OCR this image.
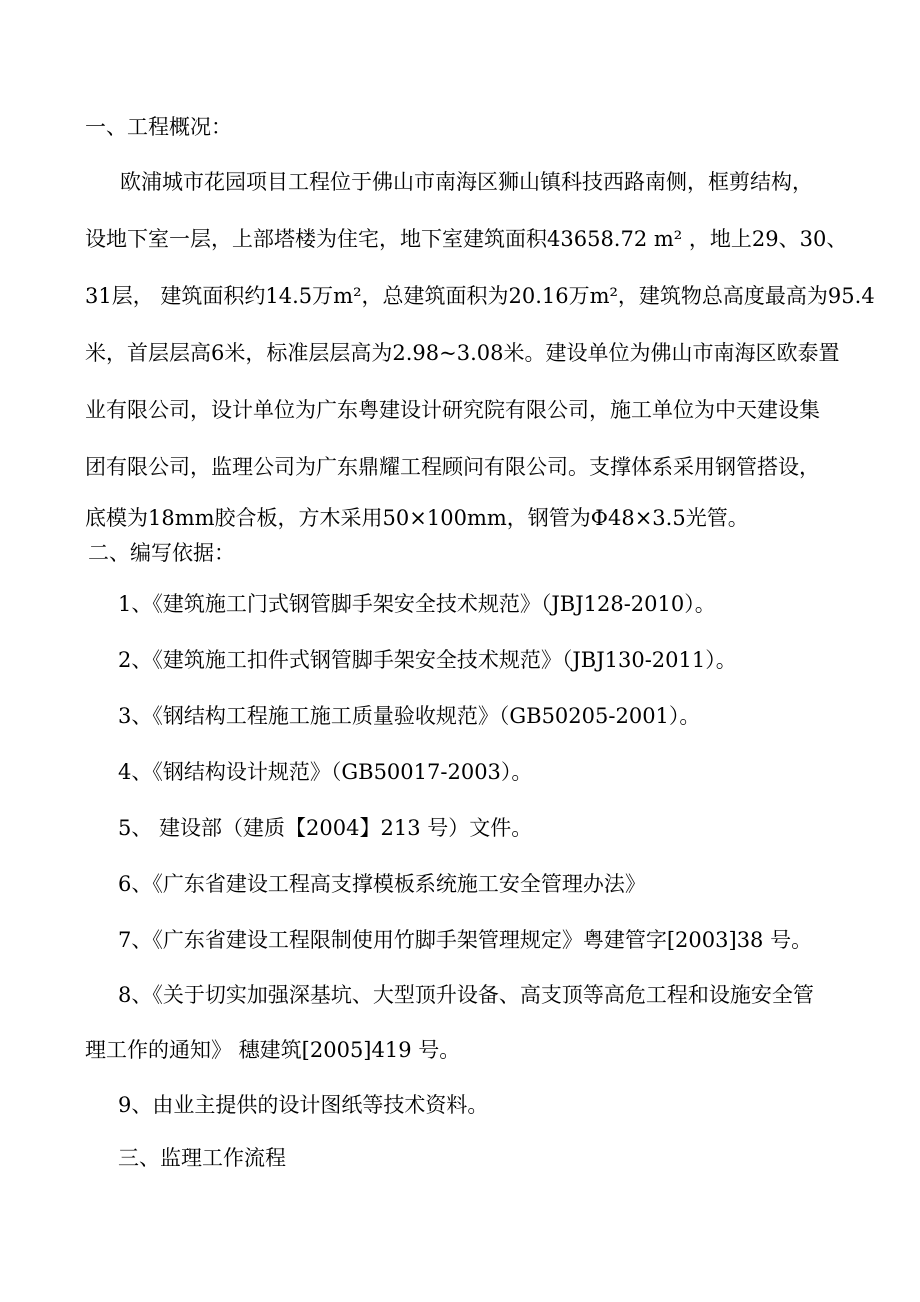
一、工程概况：
欧浦城市花园项目工程位于佛山市南海区狮山镇科技西路南侧，框剪结构，
设地下室一层，上部塔楼为住宅，地下室建筑面积43658.72 m² ，地上29、30、
31层， 建筑面积约14.5万m²，总建筑面积为20.16万m²，建筑物总高度最高为95.4
米，首层层高6米，标准层层高为2.98~3.08米。建设单位为佛山市南海区欧泰置
业有限公司，设计单位为广东粤建设计研究院有限公司，施工单位为中天建设集
团有限公司，监理公司为广东鼎耀工程顾问有限公司。支撑体系采用钢管搭设，
底模为18mm胶合板，方木采用50×100mm，钢管为Φ48×3.5光管。
二、编写依据：
1、《建筑施工门式钢管脚手架安全技术规范》（JBJ128-2010）。
2、《建筑施工扣件式钢管脚手架安全技术规范》（JBJ130-2011）。
3、《钢结构工程施工施工质量验收规范》（GB50205-2001）。
4、《钢结构设计规范》（GB50017-2003）。
5、 建设部（建质【2004】213 号）文件。
6、《广东省建设工程高支撑模板系统施工安全管理办法》
7、《广东省建设工程限制使用竹脚手架管理规定》粤建管字[2003]38 号。
8、《关于切实加强深基坑、大型顶升设备、高支顶等高危工程和设施安全管
理工作的通知》 穗建筑[2005]419 号。
9、由业主提供的设计图纸等技术资料。
三、监理工作流程
